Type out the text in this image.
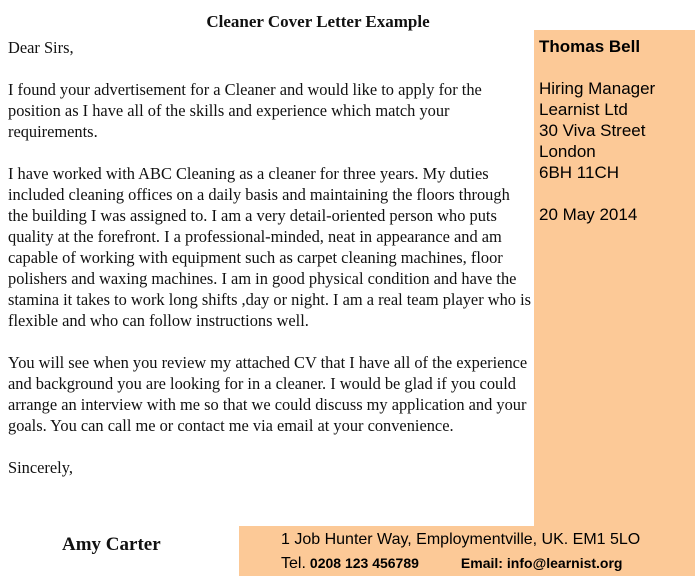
Cleaner Cover Letter Example
Thomas Bell
Hiring Manager
Learnist Ltd
30 Viva Street
London
6BH 11CH
20 May 2014

Dear Sirs,

I found your advertisement for a Cleaner and would like to apply for the position as I have all of the skills and experience which match your requirements.

I have worked with ABC Cleaning as a cleaner for three years. My duties included cleaning offices on a daily basis and maintaining the floors through the building I was assigned to. I am a very detail-oriented person who puts quality at the forefront. I a professional-minded, neat in appearance and am capable of working with equipment such as carpet cleaning machines, floor polishers and waxing machines. I am in good physical condition and have the stamina it takes to work long shifts ,day or night. I am a real team player who is flexible and who can follow instructions well.

You will see when you review my attached CV that I have all of the experience and background you are looking for in a cleaner. I would be glad if you could arrange an interview with me so that we could discuss my application and your goals. You can call me or contact me via email at your convenience.

Sincerely,

Amy Carter	1 Job Hunter Way, Employmentville, UK. EM1 5LO
Tel. 0208 123 456789	Email: info@learnist.org
